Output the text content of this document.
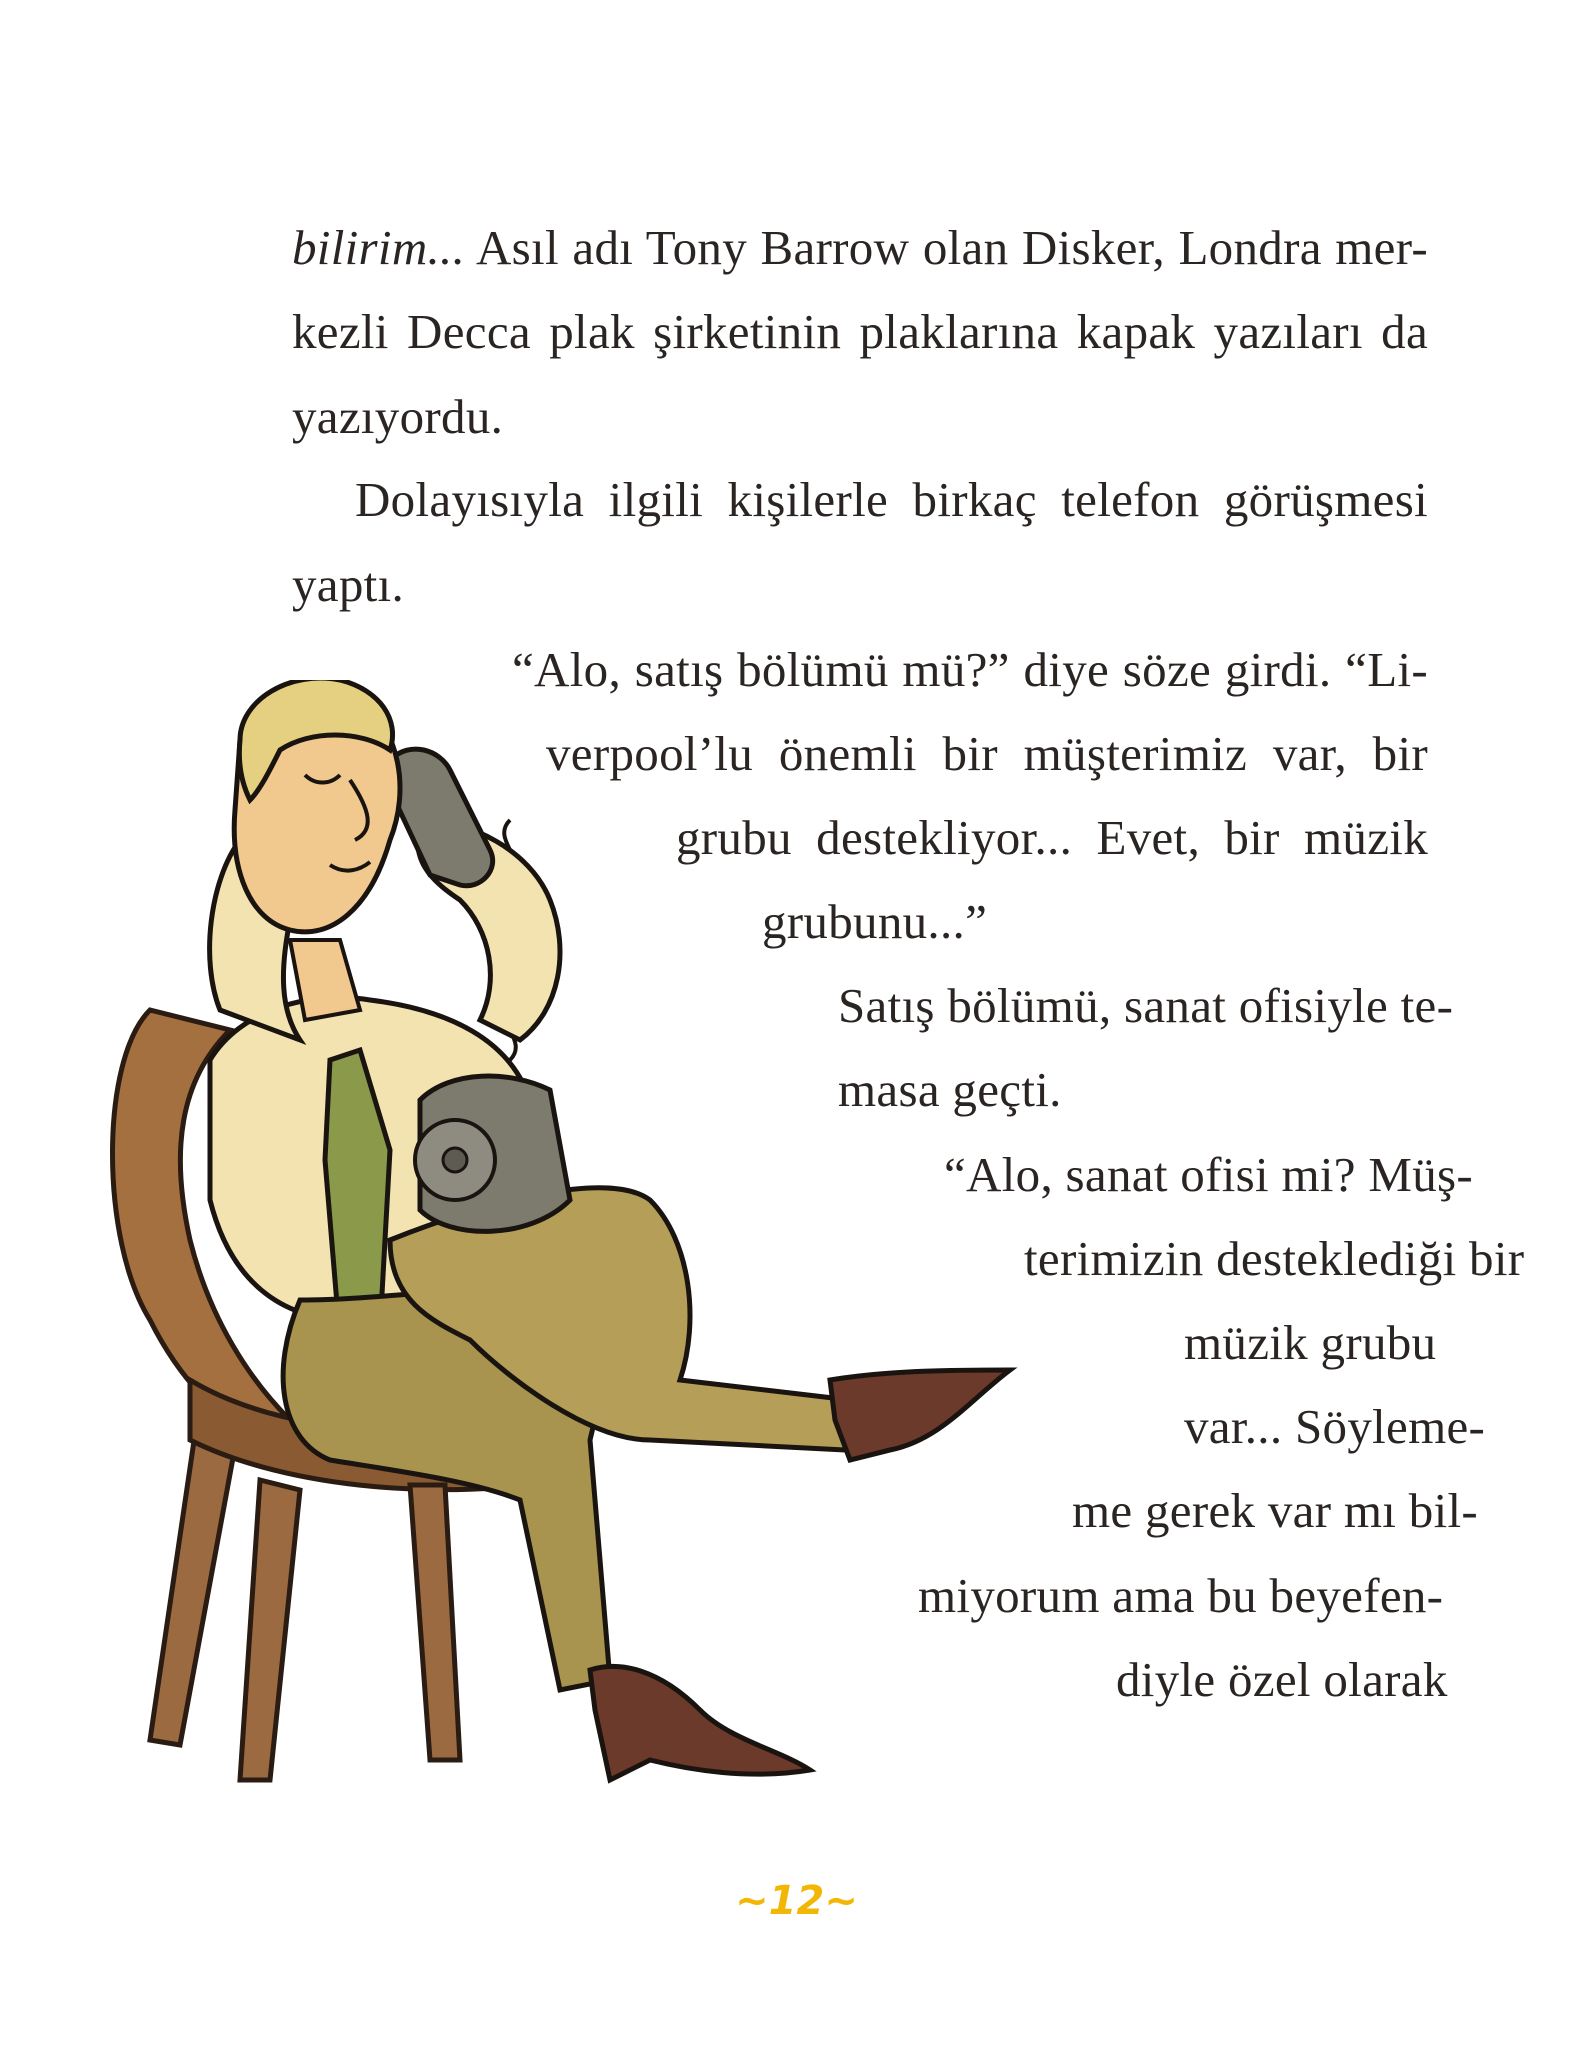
bilirim... Asıl adı Tony Barrow olan Disker, Londra mer-
kezli Decca plak şirketinin plaklarına kapak yazıları da
yazıyordu.
Dolayısıyla ilgili kişilerle birkaç telefon görüşmesi
yaptı.
“Alo, satış bölümü mü?” diye söze girdi. “Li-
verpool’lu önemli bir müşterimiz var, bir
grubu destekliyor... Evet, bir müzik
grubunu...”
Satış bölümü, sanat ofisiyle te-
masa geçti.
“Alo, sanat ofisi mi? Müş-
terimizin desteklediği bir
müzik grubu
var... Söyleme-
me gerek var mı bil-
miyorum ama bu beyefen-
diyle özel olarak
~12~
